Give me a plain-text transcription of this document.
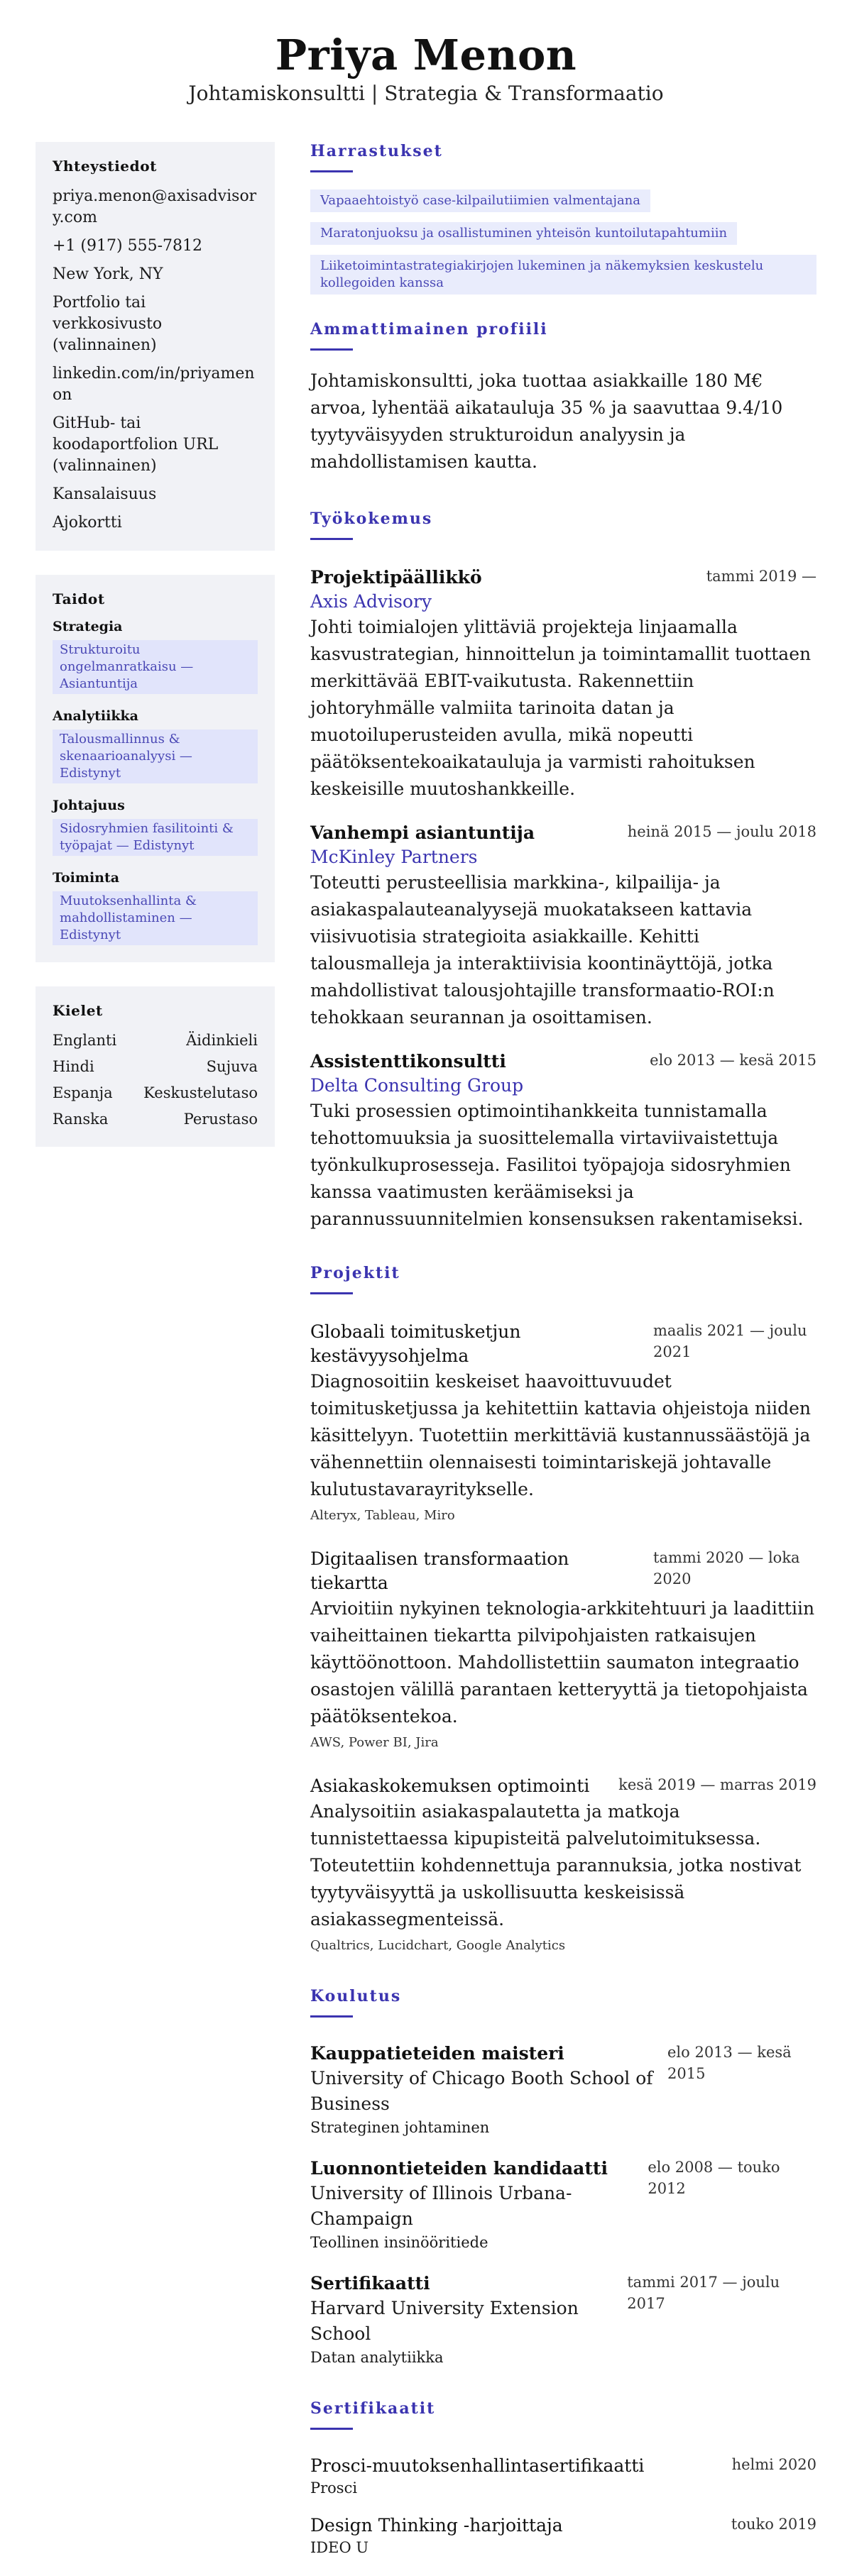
Priya Menon
Johtamiskonsultti | Strategia & Transformaatio
Yhteystiedot
priya.menon@axisadvisory.com
+1 (917) 555-7812
New York, NY
Portfolio tai verkkosivusto (valinnainen)
linkedin.com/in/priyamenon
GitHub- tai koodaportfolion URL (valinnainen)
Kansalaisuus
Ajokortti
Taidot
Strategia
Strukturoitu ongelmanratkaisu — Asiantuntija
Analytiikka
Talousmallinnus & skenaarioanalyysi — Edistynyt
Johtajuus
Sidosryhmien fasilitointi & työpajat — Edistynyt
Toiminta
Muutoksenhallinta & mahdollistaminen — Edistynyt
Kielet
Englanti	Äidinkieli
Hindi	Sujuva
Espanja Keskustelutaso
Ranska	Perustaso
Harrastukset
Vapaaehtoistyö case-kilpailutiimien valmentajana
Maratonjuoksu ja osallistuminen yhteisön kuntoilutapahtumiin
Liiketoimintastrategiakirjojen lukeminen ja näkemyksien keskustelu kollegoiden kanssa
Ammattimainen profiili
Johtamiskonsultti, joka tuottaa asiakkaille 180 M€ arvoa, lyhentää aikatauluja 35 % ja saavuttaa 9.4/10 tyytyväisyyden strukturoidun analyysin ja mahdollistamisen kautta.
Työkokemus
Projektipäällikkö	tammi 2019 —
Axis Advisory
Johti toimialojen ylittäviä projekteja linjaamalla kasvustrategian, hinnoittelun ja toimintamallit tuottaen merkittävää EBIT-vaikutusta. Rakennettiin johtoryhmälle valmiita tarinoita datan ja muotoiluperusteiden avulla, mikä nopeutti päätöksentekoaikatauluja ja varmisti rahoituksen keskeisille muutoshankkeille.
Vanhempi asiantuntija	heinä 2015 — joulu 2018
McKinley Partners
Toteutti perusteellisia markkina-, kilpailija- ja asiakaspalauteanalyysejä muokatakseen kattavia viisivuotisia strategioita asiakkaille. Kehitti talousmalleja ja interaktiivisia koontinäyttöjä, jotka mahdollistivat talousjohtajille transformaatio-ROI:n tehokkaan seurannan ja osoittamisen.
Assistenttikonsultti	elo 2013 — kesä 2015
Delta Consulting Group
Tuki prosessien optimointihankkeita tunnistamalla tehottomuuksia ja suosittelemalla virtaviivaistettuja työnkulkuprosesseja. Fasilitoi työpajoja sidosryhmien kanssa vaatimusten keräämiseksi ja parannussuunnitelmien konsensuksen rakentamiseksi.
Projektit
Globaali toimitusketjun kestävyysohjelma
maalis 2021 — joulu 2021
Diagnosoitiin keskeiset haavoittuvuudet toimitusketjussa ja kehitettiin kattavia ohjeistoja niiden käsittelyyn. Tuotettiin merkittäviä kustannussäästöjä ja vähennettiin olennaisesti toimintariskejä johtavalle kulutustavarayritykselle.
Alteryx, Tableau, Miro
Digitaalisen transformaation tiekartta
tammi 2020 — loka 2020
Arvioitiin nykyinen teknologia-arkkitehtuuri ja laadittiin vaiheittainen tiekartta pilvipohjaisten ratkaisujen käyttöönottoon. Mahdollistettiin saumaton integraatio osastojen välillä parantaen ketteryyttä ja tietopohjaista päätöksentekoa.
AWS, Power BI, Jira
Asiakaskokemuksen optimointi kesä 2019 — marras 2019
Analysoitiin asiakaspalautetta ja matkoja tunnistettaessa kipupisteitä palvelutoimituksessa. Toteutettiin kohdennettuja parannuksia, jotka nostivat tyytyväisyyttä ja uskollisuutta keskeisissä asiakassegmenteissä.
Qualtrics, Lucidchart, Google Analytics
Koulutus
Kauppatieteiden maisteri
University of Chicago Booth School of Business
elo 2013 — kesä 2015
Strateginen johtaminen
Luonnontieteiden kandidaatti
University of Illinois Urbana-Champaign
elo 2008 — touko 2012
Teollinen insinööritiede
Sertifikaatti
Harvard University Extension School
tammi 2017 — joulu 2017
Datan analytiikka
Sertifikaatit
Prosci-muutoksenhallintasertifikaatti	helmi 2020
Prosci
Design Thinking -harjoittaja	touko 2019
IDEO U
